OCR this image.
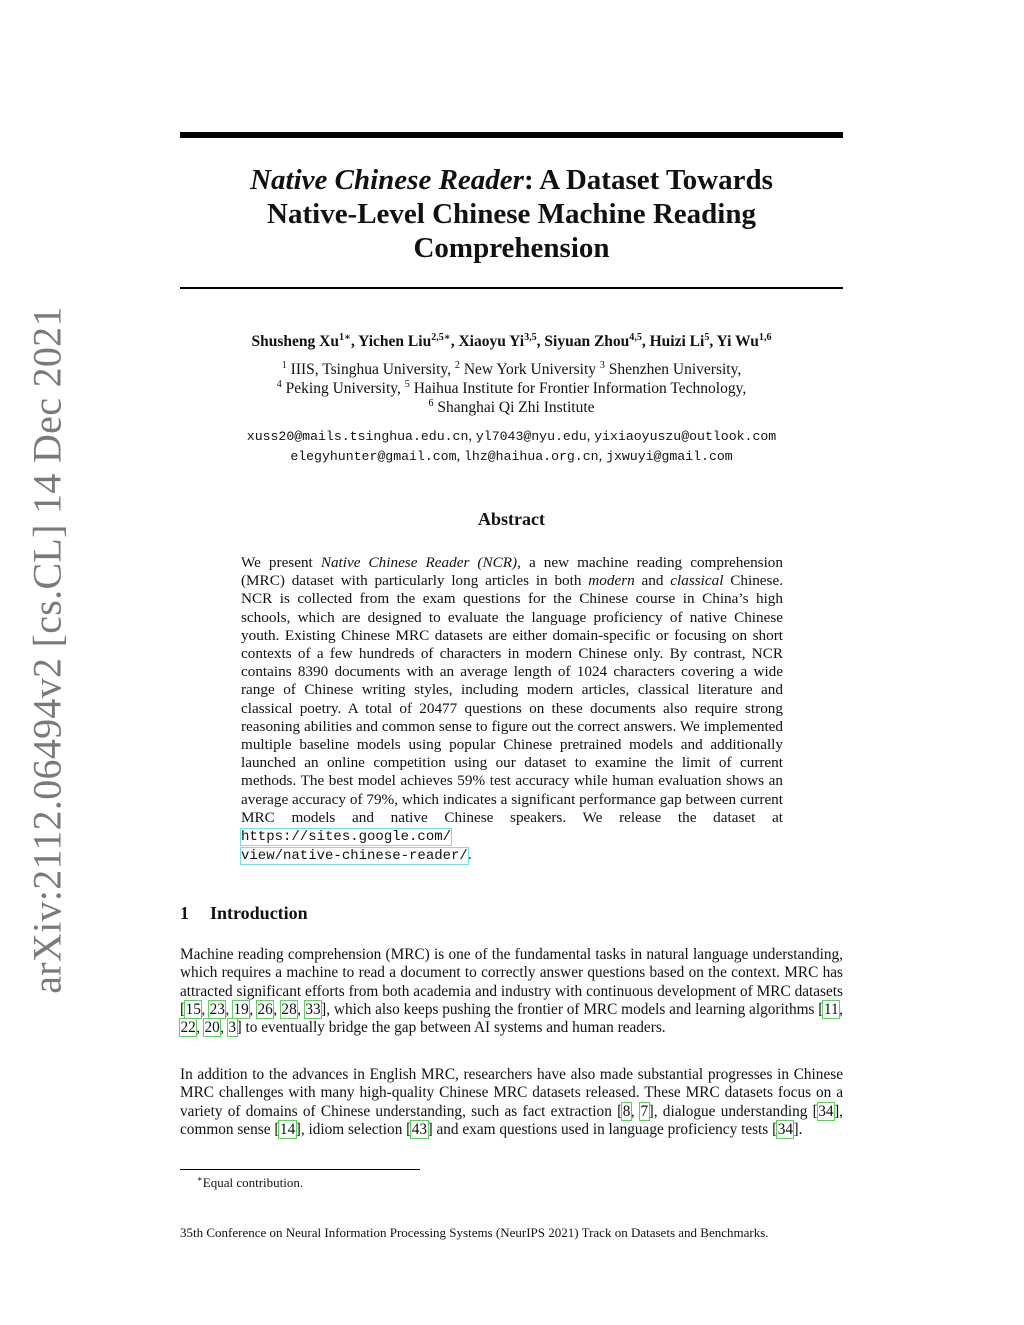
arXiv:2112.06494v2 [cs.CL] 14 Dec 2021
Native Chinese Reader: A Dataset Towards
Native-Level Chinese Machine Reading
Comprehension
Shusheng $Xu^{1∗}$, Yichen Liu$^{2,5∗}$, Xiaoyu Yi$^{3,5}$, Siyuan Zhou$^{4,5}$, Huizi Li$^5$, Yi Wu$^{1,6}$
$^1$ IIIS, Tsinghua University, $^2$ New York University $^3$ Shenzhen University,
$^4$ Peking University, $^5$ Haihua Institute for Frontier Information Technology,
$^6$ Shanghai Qi Zhi Institute
xuss20@mails.tsinghua.edu.cn, yl7043@nyu.edu, yixiaoyuszu@outlook.com
elegyhunter@gmail.com, lhz@haihua.org.cn, jxwuyi@gmail.com
Abstract

We present Native Chinese Reader (NCR), a new machine reading comprehension (MRC) dataset with particularly long articles in both modern and classical Chinese. NCR is collected from the exam questions for the Chinese course in China’s high schools, which are designed to evaluate the language proficiency of native Chinese youth. Existing Chinese MRC datasets are either domain-specific or focusing on short contexts of a few hundreds of characters in modern Chinese only. By contrast, NCR contains 8390 documents with an average length of 1024 characters covering a wide range of Chinese writing styles, including modern articles, classical literature and classical poetry. A total of 20477 questions on these documents also require strong reasoning abilities and common sense to figure out the correct answers. We implemented multiple baseline models using popular Chinese pretrained models and additionally launched an online competition using our dataset to examine the limit of current methods. The best model achieves 59% test accuracy while human evaluation shows an average accuracy of 79%, which indicates a significant performance gap between current MRC models and native Chinese speakers. We release the dataset at https://sites.google.com/
view/native-chinese-reader/.

1 Introduction

Machine reading comprehension (MRC) is one of the fundamental tasks in natural language understanding, which requires a machine to read a document to correctly answer questions based on the context. MRC has attracted significant efforts from both academia and industry with continuous development of MRC datasets [15, 23, 19, 26, 28, 33], which also keeps pushing the frontier of MRC models and learning algorithms [11, 22, 20, 3] to eventually bridge the gap between AI systems and human readers.

In addition to the advances in English MRC, researchers have also made substantial progresses in Chinese MRC challenges with many high-quality Chinese MRC datasets released. These MRC datasets focus on a variety of domains of Chinese understanding, such as fact extraction [8, 7], dialogue understanding [34], common sense [14], idiom selection [43] and exam questions used in language proficiency tests [34].

∗Equal contribution.
35th Conference on Neural Information Processing Systems (NeurIPS 2021) Track on Datasets and Benchmarks.
